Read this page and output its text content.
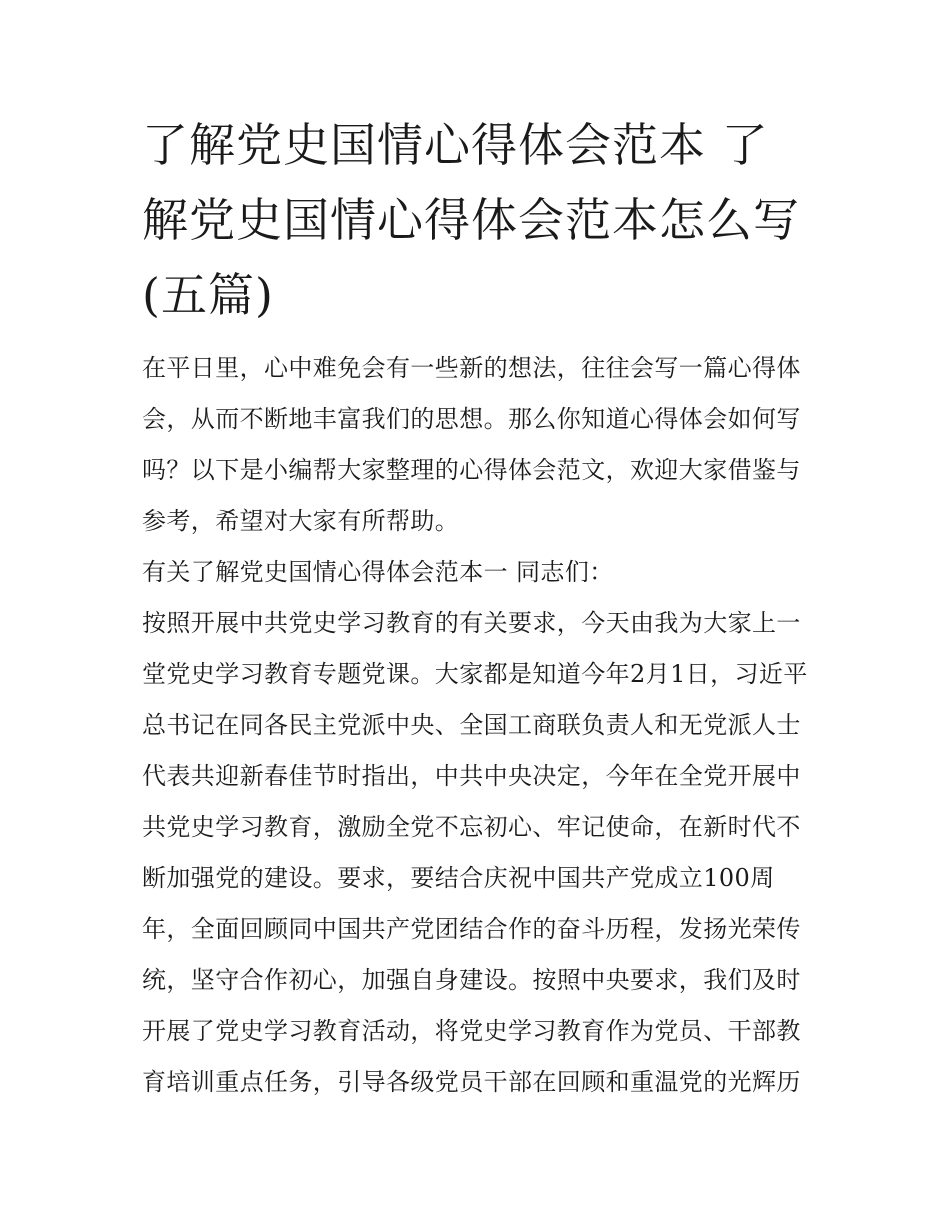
了解党史国情心得体会范本 了解党史国情心得体会范本怎么写(五篇)

在平日里，心中难免会有一些新的想法，往往会写一篇心得体会，从而不断地丰富我们的思想。那么你知道心得体会如何写吗？以下是小编帮大家整理的心得体会范文，欢迎大家借鉴与参考，希望对大家有所帮助。

有关了解党史国情心得体会范本一 同志们：

按照开展中共党史学习教育的有关要求，今天由我为大家上一堂党史学习教育专题党课。大家都是知道今年2月1日，习近平总书记在同各民主党派中央、全国工商联负责人和无党派人士代表共迎新春佳节时指出，中共中央决定，今年在全党开展中共党史学习教育，激励全党不忘初心、牢记使命，在新时代不断加强党的建设。要求，要结合庆祝中国共产党成立100周年，全面回顾同中国共产党团结合作的奋斗历程，发扬光荣传统，坚守合作初心，加强自身建设。按照中央要求，我们及时开展了党史学习教育活动，将党史学习教育作为党员、干部教育培训重点任务，引导各级党员干部在回顾和重温党的光辉历
